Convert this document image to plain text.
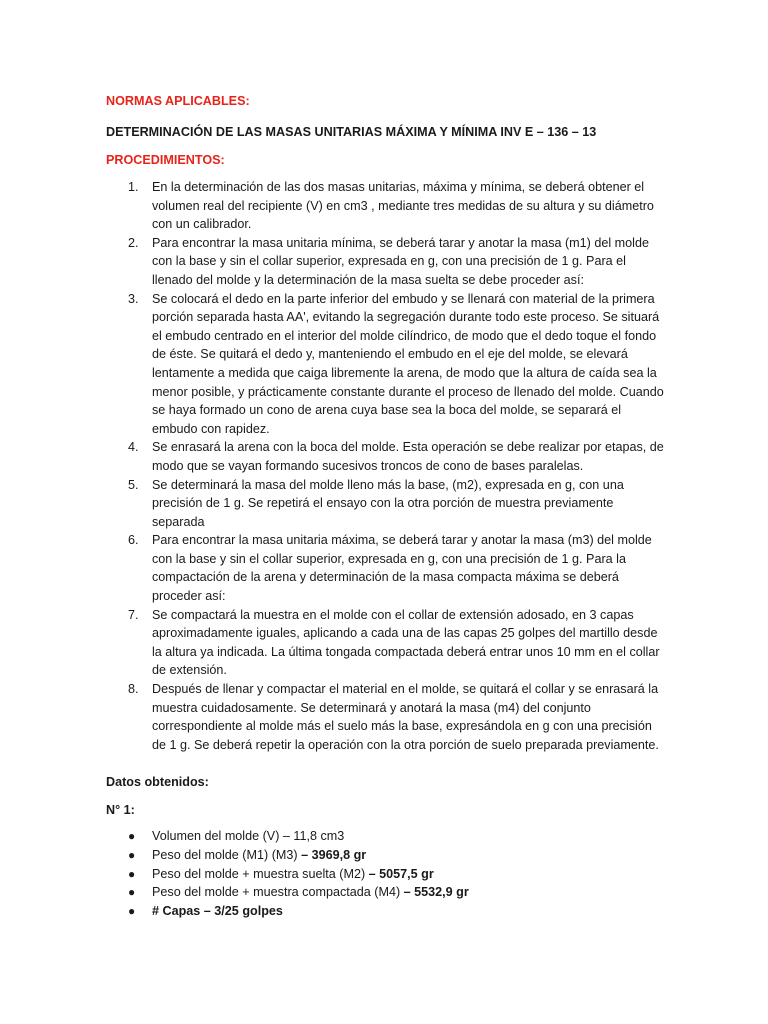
NORMAS APLICABLES:
DETERMINACIÓN DE LAS MASAS UNITARIAS MÁXIMA Y MÍNIMA INV E – 136 – 13
PROCEDIMIENTOS:
1. En la determinación de las dos masas unitarias, máxima y mínima, se deberá obtener el volumen real del recipiente (V) en cm3 , mediante tres medidas de su altura y su diámetro con un calibrador.
2. Para encontrar la masa unitaria mínima, se deberá tarar y anotar la masa (m1) del molde con la base y sin el collar superior, expresada en g, con una precisión de 1 g. Para el llenado del molde y la determinación de la masa suelta se debe proceder así:
3. Se colocará el dedo en la parte inferior del embudo y se llenará con material de la primera porción separada hasta AA', evitando la segregación durante todo este proceso. Se situará el embudo centrado en el interior del molde cilíndrico, de modo que el dedo toque el fondo de éste. Se quitará el dedo y, manteniendo el embudo en el eje del molde, se elevará lentamente a medida que caiga libremente la arena, de modo que la altura de caída sea la menor posible, y prácticamente constante durante el proceso de llenado del molde. Cuando se haya formado un cono de arena cuya base sea la boca del molde, se separará el embudo con rapidez.
4. Se enrasará la arena con la boca del molde. Esta operación se debe realizar por etapas, de modo que se vayan formando sucesivos troncos de cono de bases paralelas.
5. Se determinará la masa del molde lleno más la base, (m2), expresada en g, con una precisión de 1 g. Se repetirá el ensayo con la otra porción de muestra previamente separada
6. Para encontrar la masa unitaria máxima, se deberá tarar y anotar la masa (m3) del molde con la base y sin el collar superior, expresada en g, con una precisión de 1 g. Para la compactación de la arena y determinación de la masa compacta máxima se deberá proceder así:
7. Se compactará la muestra en el molde con el collar de extensión adosado, en 3 capas aproximadamente iguales, aplicando a cada una de las capas 25 golpes del martillo desde la altura ya indicada. La última tongada compactada deberá entrar unos 10 mm en el collar de extensión.
8. Después de llenar y compactar el material en el molde, se quitará el collar y se enrasará la muestra cuidadosamente. Se determinará y anotará la masa (m4) del conjunto correspondiente al molde más el suelo más la base, expresándola en g con una precisión de 1 g. Se deberá repetir la operación con la otra porción de suelo preparada previamente.
Datos obtenidos:
N° 1:
● Volumen del molde (V) – 11,8 cm3
● Peso del molde (M1) (M3) – 3969,8 gr
● Peso del molde + muestra suelta (M2) – 5057,5 gr
● Peso del molde + muestra compactada (M4) – 5532,9 gr
● # Capas – 3/25 golpes
